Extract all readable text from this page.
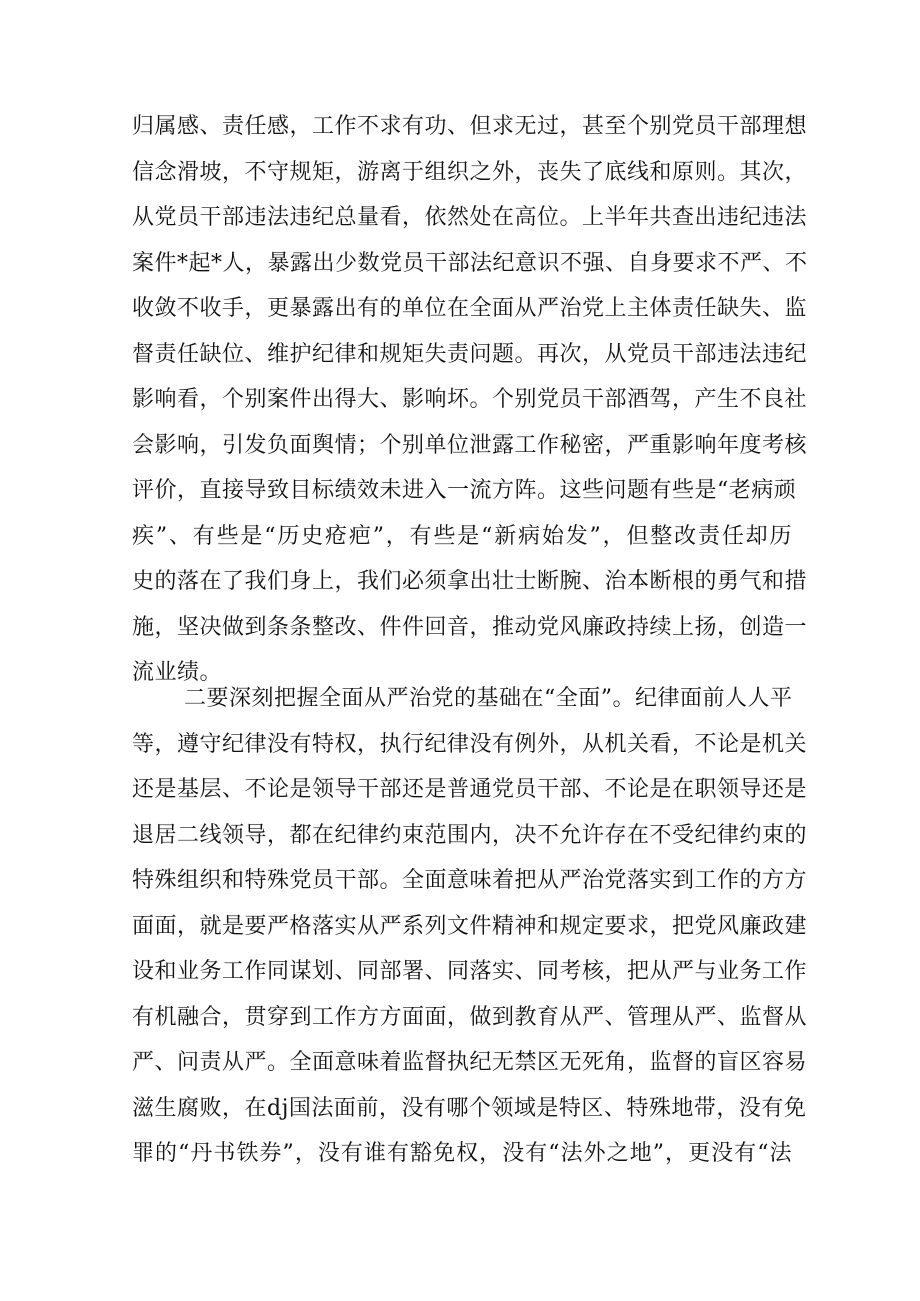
归属感、责任感，工作不求有功、但求无过，甚至个别党员干部理想
信念滑坡，不守规矩，游离于组织之外，丧失了底线和原则。其次，
从党员干部违法违纪总量看，依然处在高位。上半年共查出违纪违法
案件*起*人，暴露出少数党员干部法纪意识不强、自身要求不严、不
收敛不收手，更暴露出有的单位在全面从严治党上主体责任缺失、监
督责任缺位、维护纪律和规矩失责问题。再次，从党员干部违法违纪
影响看，个别案件出得大、影响坏。个别党员干部酒驾，产生不良社
会影响，引发负面舆情；个别单位泄露工作秘密，严重影响年度考核
评价，直接导致目标绩效未进入一流方阵。这些问题有些是“老病顽
疾”、有些是“历史疮疤”，有些是“新病始发”，但整改责任却历
史的落在了我们身上，我们必须拿出壮士断腕、治本断根的勇气和措
施，坚决做到条条整改、件件回音，推动党风廉政持续上扬，创造一
流业绩。
二要深刻把握全面从严治党的基础在“全面”。纪律面前人人平
等，遵守纪律没有特权，执行纪律没有例外，从机关看，不论是机关
还是基层、不论是领导干部还是普通党员干部、不论是在职领导还是
退居二线领导，都在纪律约束范围内，决不允许存在不受纪律约束的
特殊组织和特殊党员干部。全面意味着把从严治党落实到工作的方方
面面，就是要严格落实从严系列文件精神和规定要求，把党风廉政建
设和业务工作同谋划、同部署、同落实、同考核，把从严与业务工作
有机融合，贯穿到工作方方面面，做到教育从严、管理从严、监督从
严、问责从严。全面意味着监督执纪无禁区无死角，监督的盲区容易
滋生腐败，在dj国法面前，没有哪个领域是特区、特殊地带，没有免
罪的“丹书铁券”，没有谁有豁免权，没有“法外之地”，更没有“法
